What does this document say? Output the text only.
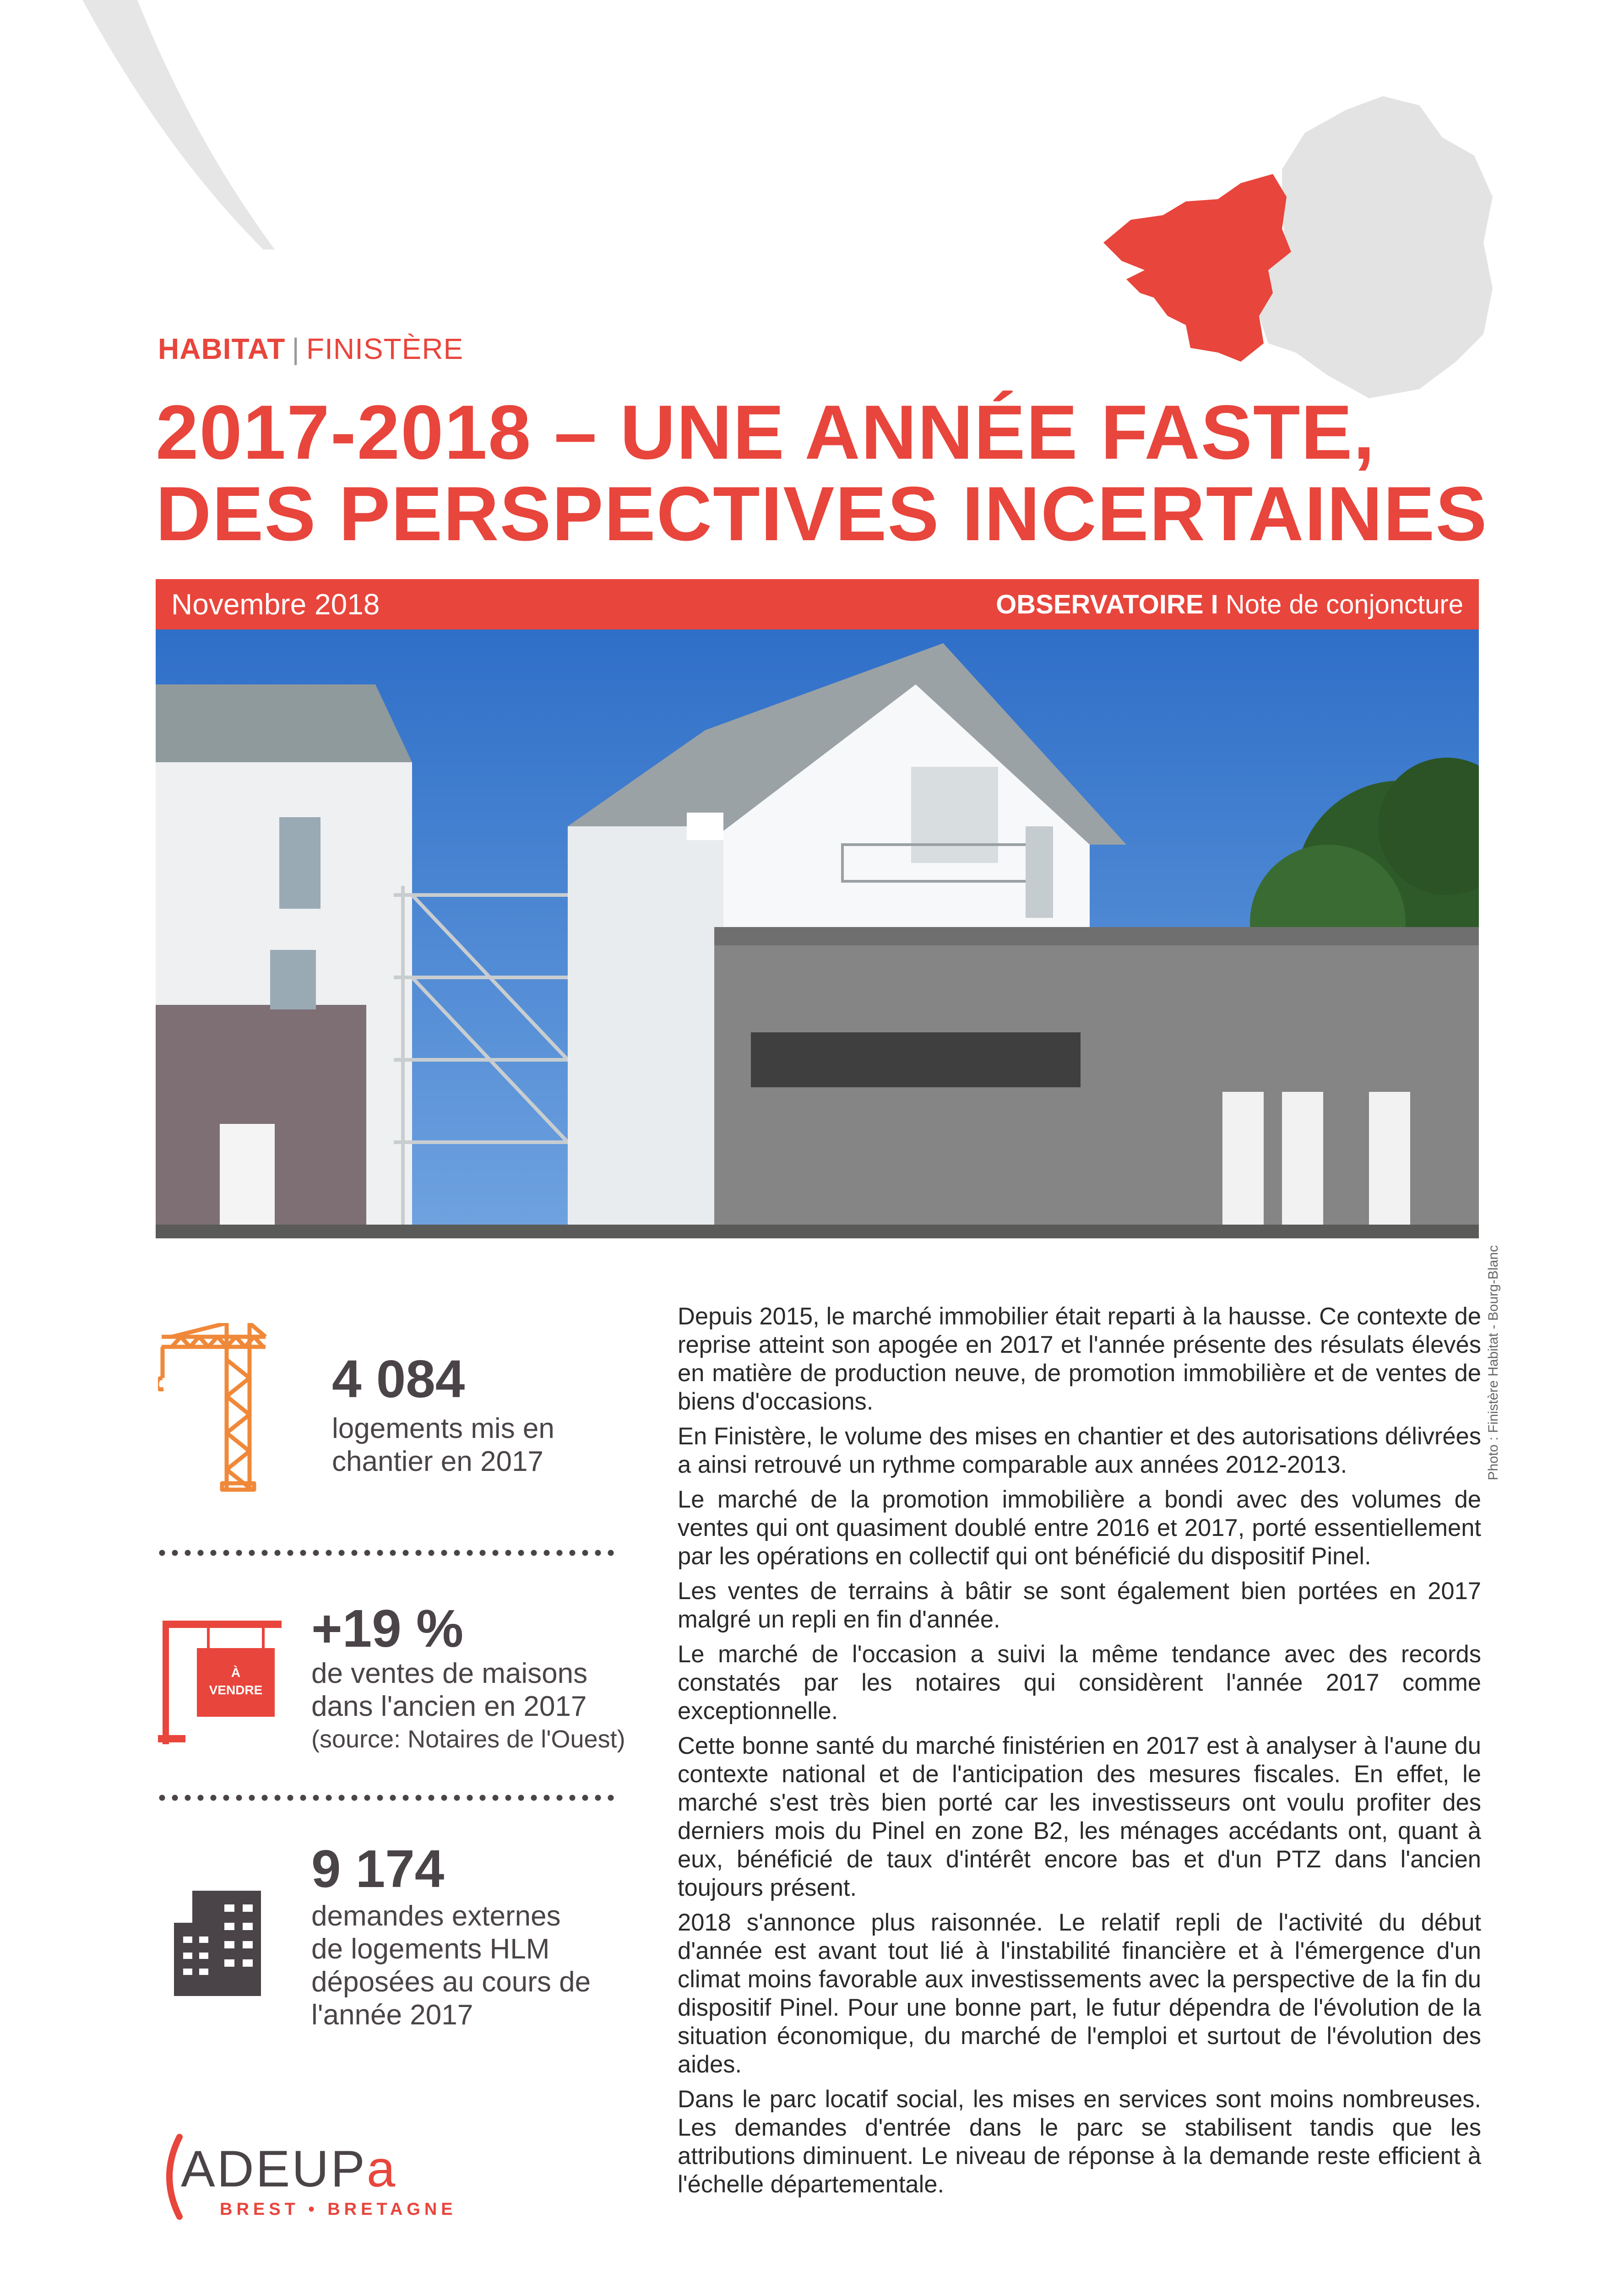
HABITAT | FINISTÈRE
2017-2018 – UNE ANNÉE FASTE,
DES PERSPECTIVES INCERTAINES
Novembre 2018	OBSERVATOIRE I Note de conjoncture
Photo : Finistère Habitat - Bourg-Blanc
4 084
logements mis en
chantier en 2017
À
VENDRE
+19 %
de ventes de maisons
dans l'ancien en 2017
(source: Notaires de l'Ouest)
9 174
demandes externes
de logements HLM
déposées au cours de
l'année 2017

Depuis 2015, le marché immobilier était reparti à la hausse. Ce contexte de reprise atteint son apogée en 2017 et l'année présente des résulats élevés en matière de production neuve, de promotion immobilière et de ventes de biens d'occasions.

En Finistère, le volume des mises en chantier et des autorisations délivrées a ainsi retrouvé un rythme comparable aux années 2012-2013.

Le marché de la promotion immobilière a bondi avec des volumes de ventes qui ont quasiment doublé entre 2016 et 2017, porté essentiellement par les opérations en collectif qui ont bénéficié du dispositif Pinel.

Les ventes de terrains à bâtir se sont également bien portées en 2017 malgré un repli en fin d'année.

Le marché de l'occasion a suivi la même tendance avec des records constatés par les notaires qui considèrent l'année 2017 comme exceptionnelle.

Cette bonne santé du marché finistérien en 2017 est à analyser à l'aune du contexte national et de l'anticipation des mesures fiscales. En effet, le marché s'est très bien porté car les investisseurs ont voulu profiter des derniers mois du Pinel en zone B2, les ménages accédants ont, quant à eux, bénéficié de taux d'intérêt encore bas et d'un PTZ dans l'ancien toujours présent.

2018 s'annonce plus raisonnée. Le relatif repli de l'activité du début d'année est avant tout lié à l'instabilité financière et à l'émergence d'un climat moins favorable aux investissements avec la perspective de la fin du dispositif Pinel. Pour une bonne part, le futur dépendra de l'évolution de la situation économique, du marché de l'emploi et surtout de l'évolution des aides.

Dans le parc locatif social, les mises en services sont moins nombreuses. Les demandes d'entrée dans le parc se stabilisent tandis que les attributions diminuent. Le niveau de réponse à la demande reste efficient à l'échelle départementale.

ADEUPa
BREST • BRETAGNE
